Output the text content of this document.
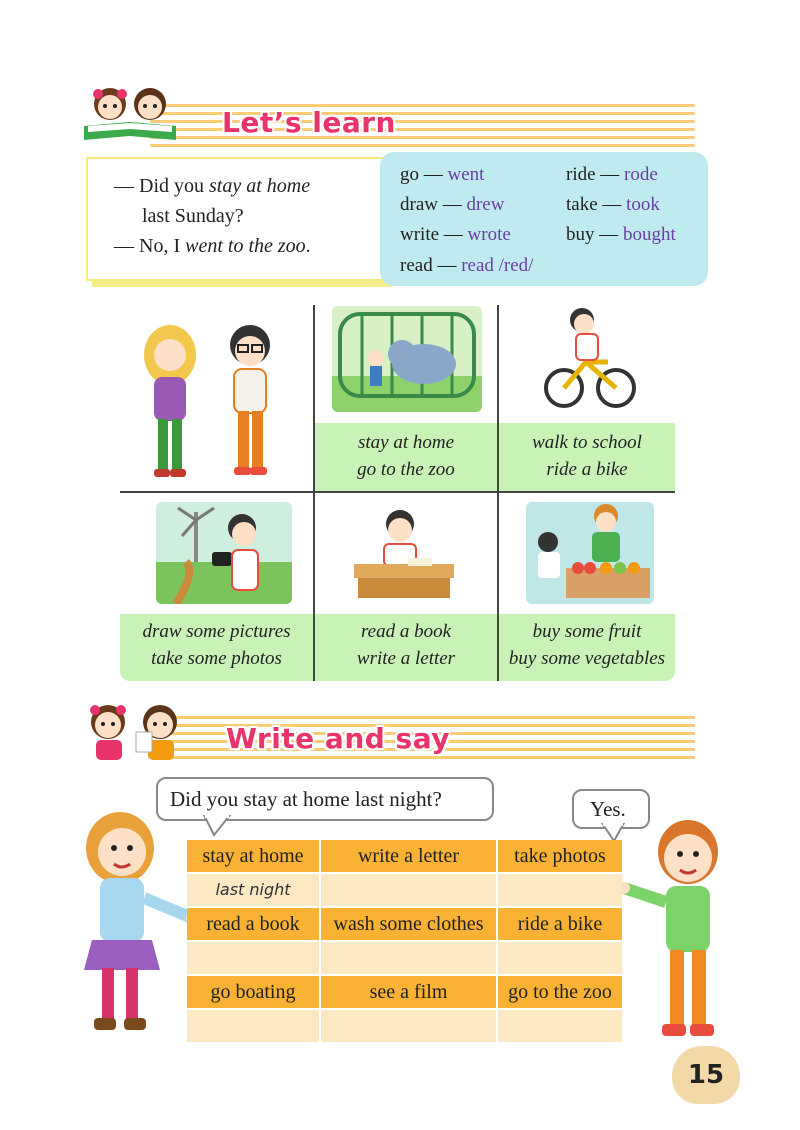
Let’s learn
— Did you stay at home
last Sunday?
— No, I went to the zoo.
go — went
draw — drew
write — wrote
read — read /red/
ride — rode
take — took
buy — bought
stay at home
go to the zoo
walk to school
ride a bike
draw some pictures
take some photos
read a book
write a letter
buy some fruit
buy some vegetables
Write and say
Did you stay at home last night?	Yes.
stay at home	write a letter	take photos
last night
read a book	wash some clothes	ride a bike
go boating	see a film	go to the zoo
15
